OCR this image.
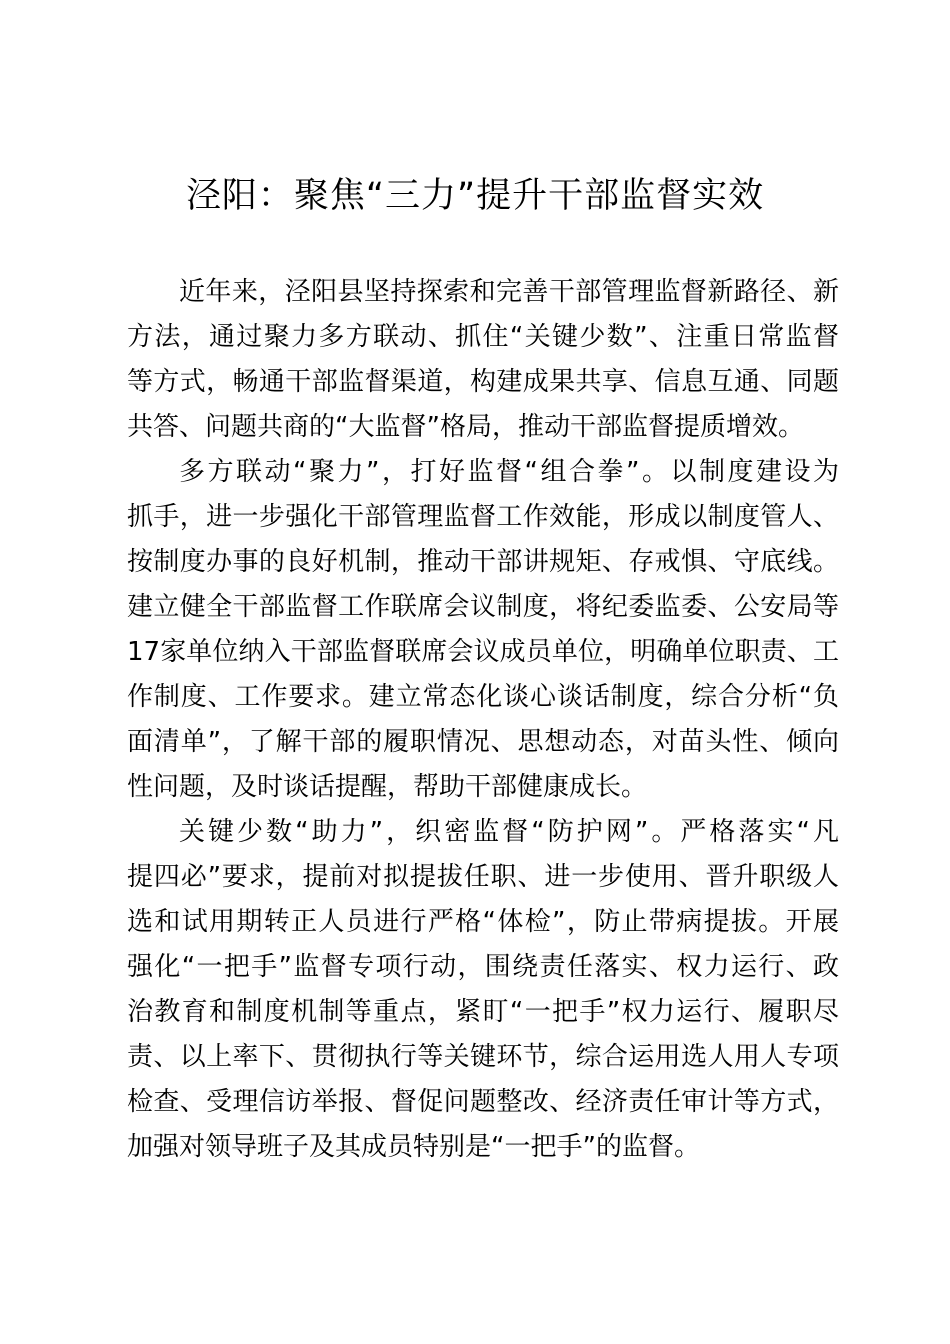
泾阳：聚焦“三力”提升干部监督实效
近年来，泾阳县坚持探索和完善干部管理监督新路径、新
方法，通过聚力多方联动、抓住“关键少数”、注重日常监督
等方式，畅通干部监督渠道，构建成果共享、信息互通、同题
共答、问题共商的“大监督”格局，推动干部监督提质增效。
多方联动“聚力”，打好监督“组合拳”。以制度建设为
抓手，进一步强化干部管理监督工作效能，形成以制度管人、
按制度办事的良好机制，推动干部讲规矩、存戒惧、守底线。
建立健全干部监督工作联席会议制度，将纪委监委、公安局等
17家单位纳入干部监督联席会议成员单位，明确单位职责、工
作制度、工作要求。建立常态化谈心谈话制度，综合分析“负
面清单”，了解干部的履职情况、思想动态，对苗头性、倾向
性问题，及时谈话提醒，帮助干部健康成长。
关键少数“助力”，织密监督“防护网”。严格落实“凡
提四必”要求，提前对拟提拔任职、进一步使用、晋升职级人
选和试用期转正人员进行严格“体检”，防止带病提拔。开展
强化“一把手”监督专项行动，围绕责任落实、权力运行、政
治教育和制度机制等重点，紧盯“一把手”权力运行、履职尽
责、以上率下、贯彻执行等关键环节，综合运用选人用人专项
检查、受理信访举报、督促问题整改、经济责任审计等方式，
加强对领导班子及其成员特别是“一把手”的监督。
